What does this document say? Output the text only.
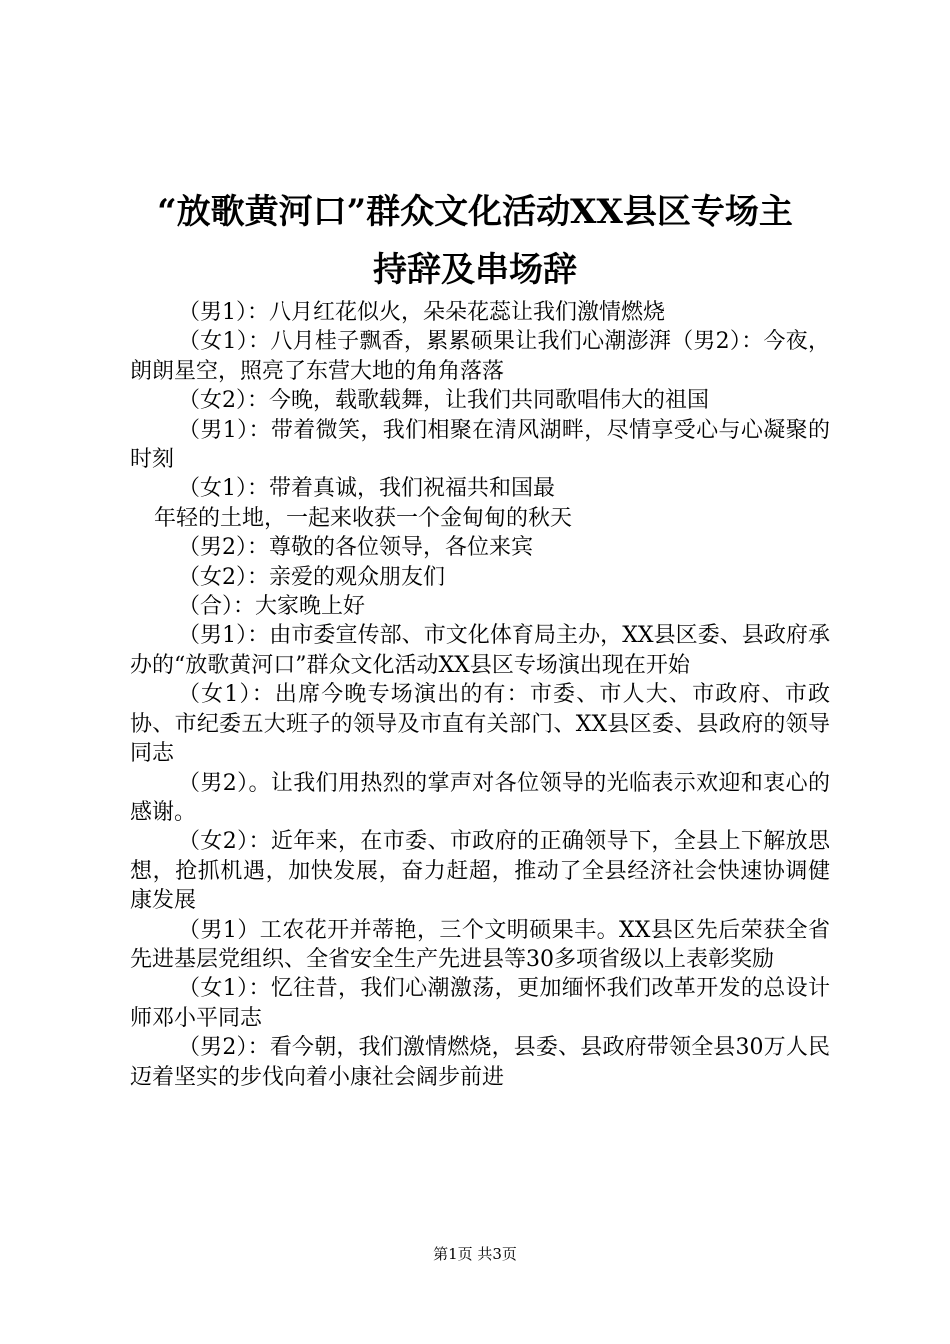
“放歌黄河口”群众文化活动XX县区专场主
持辞及串场辞

（男1）：八月红花似火，朵朵花蕊让我们激情燃烧

（女1）：八月桂子飘香，累累硕果让我们心潮澎湃（男2）：今夜，朗朗星空，照亮了东营大地的角角落落

（女2）：今晚，载歌载舞，让我们共同歌唱伟大的祖国

（男1）：带着微笑，我们相聚在清风湖畔，尽情享受心与心凝聚的时刻

（女1）：带着真诚，我们祝福共和国最

年轻的土地，一起来收获一个金甸甸的秋天

（男2）：尊敬的各位领导，各位来宾

（女2）：亲爱的观众朋友们

（合）：大家晚上好

（男1）：由市委宣传部、市文化体育局主办，XX县区委、县政府承办的“放歌黄河口”群众文化活动XX县区专场演出现在开始

（女1）：出席今晚专场演出的有：市委、市人大、市政府、市政协、市纪委五大班子的领导及市直有关部门、XX县区委、县政府的领导同志

（男2）。让我们用热烈的掌声对各位领导的光临表示欢迎和衷心的感谢。

（女2）：近年来，在市委、市政府的正确领导下，全县上下解放思想，抢抓机遇，加快发展，奋力赶超，推动了全县经济社会快速协调健康发展

（男1）工农花开并蒂艳，三个文明硕果丰。XX县区先后荣获全省先进基层党组织、全省安全生产先进县等30多项省级以上表彰奖励

（女1）：忆往昔，我们心潮激荡，更加缅怀我们改革开发的总设计师邓小平同志

（男2）：看今朝，我们激情燃烧，县委、县政府带领全县30万人民迈着坚实的步伐向着小康社会阔步前进

第1页 共3页
